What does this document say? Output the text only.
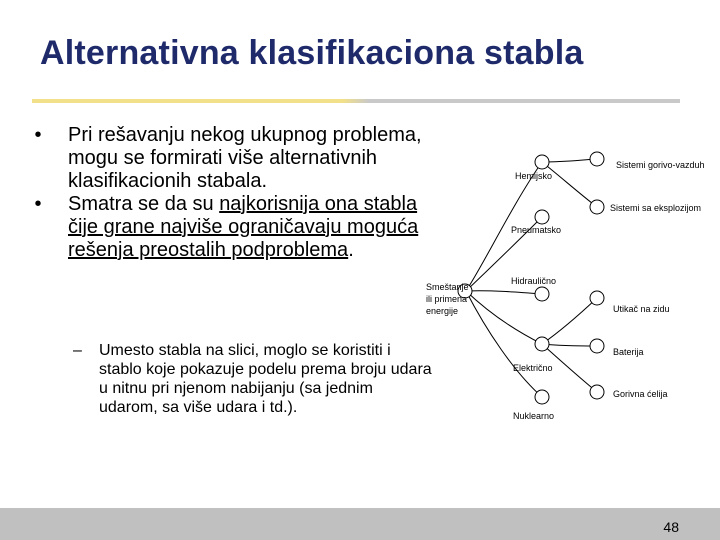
Alternativna klasifikaciona stabla

•	Pri rešavanju nekog ukupnog problema, mogu se formirati više alternativnih klasifikacionih stabala.

•	Smatra se da su najkorisnija ona stabla čije grane najviše ograničavaju moguća rešenja preostalih podproblema.

–	Umesto stabla na slici, moglo se koristiti i stablo koje pokazuje podelu prema broju udara u nitnu pri njenom nabijanju (sa jednim udarom, sa više udara i td.).
Smeštanje
ili primena
energije
Hemijsko
Pneumatsko
Hidraulično
Električno
Nuklearno
Sistemi gorivo-vazduh
Sistemi sa eksplozijom
Utikač na zidu
Baterija
Gorivna ćelija
48
